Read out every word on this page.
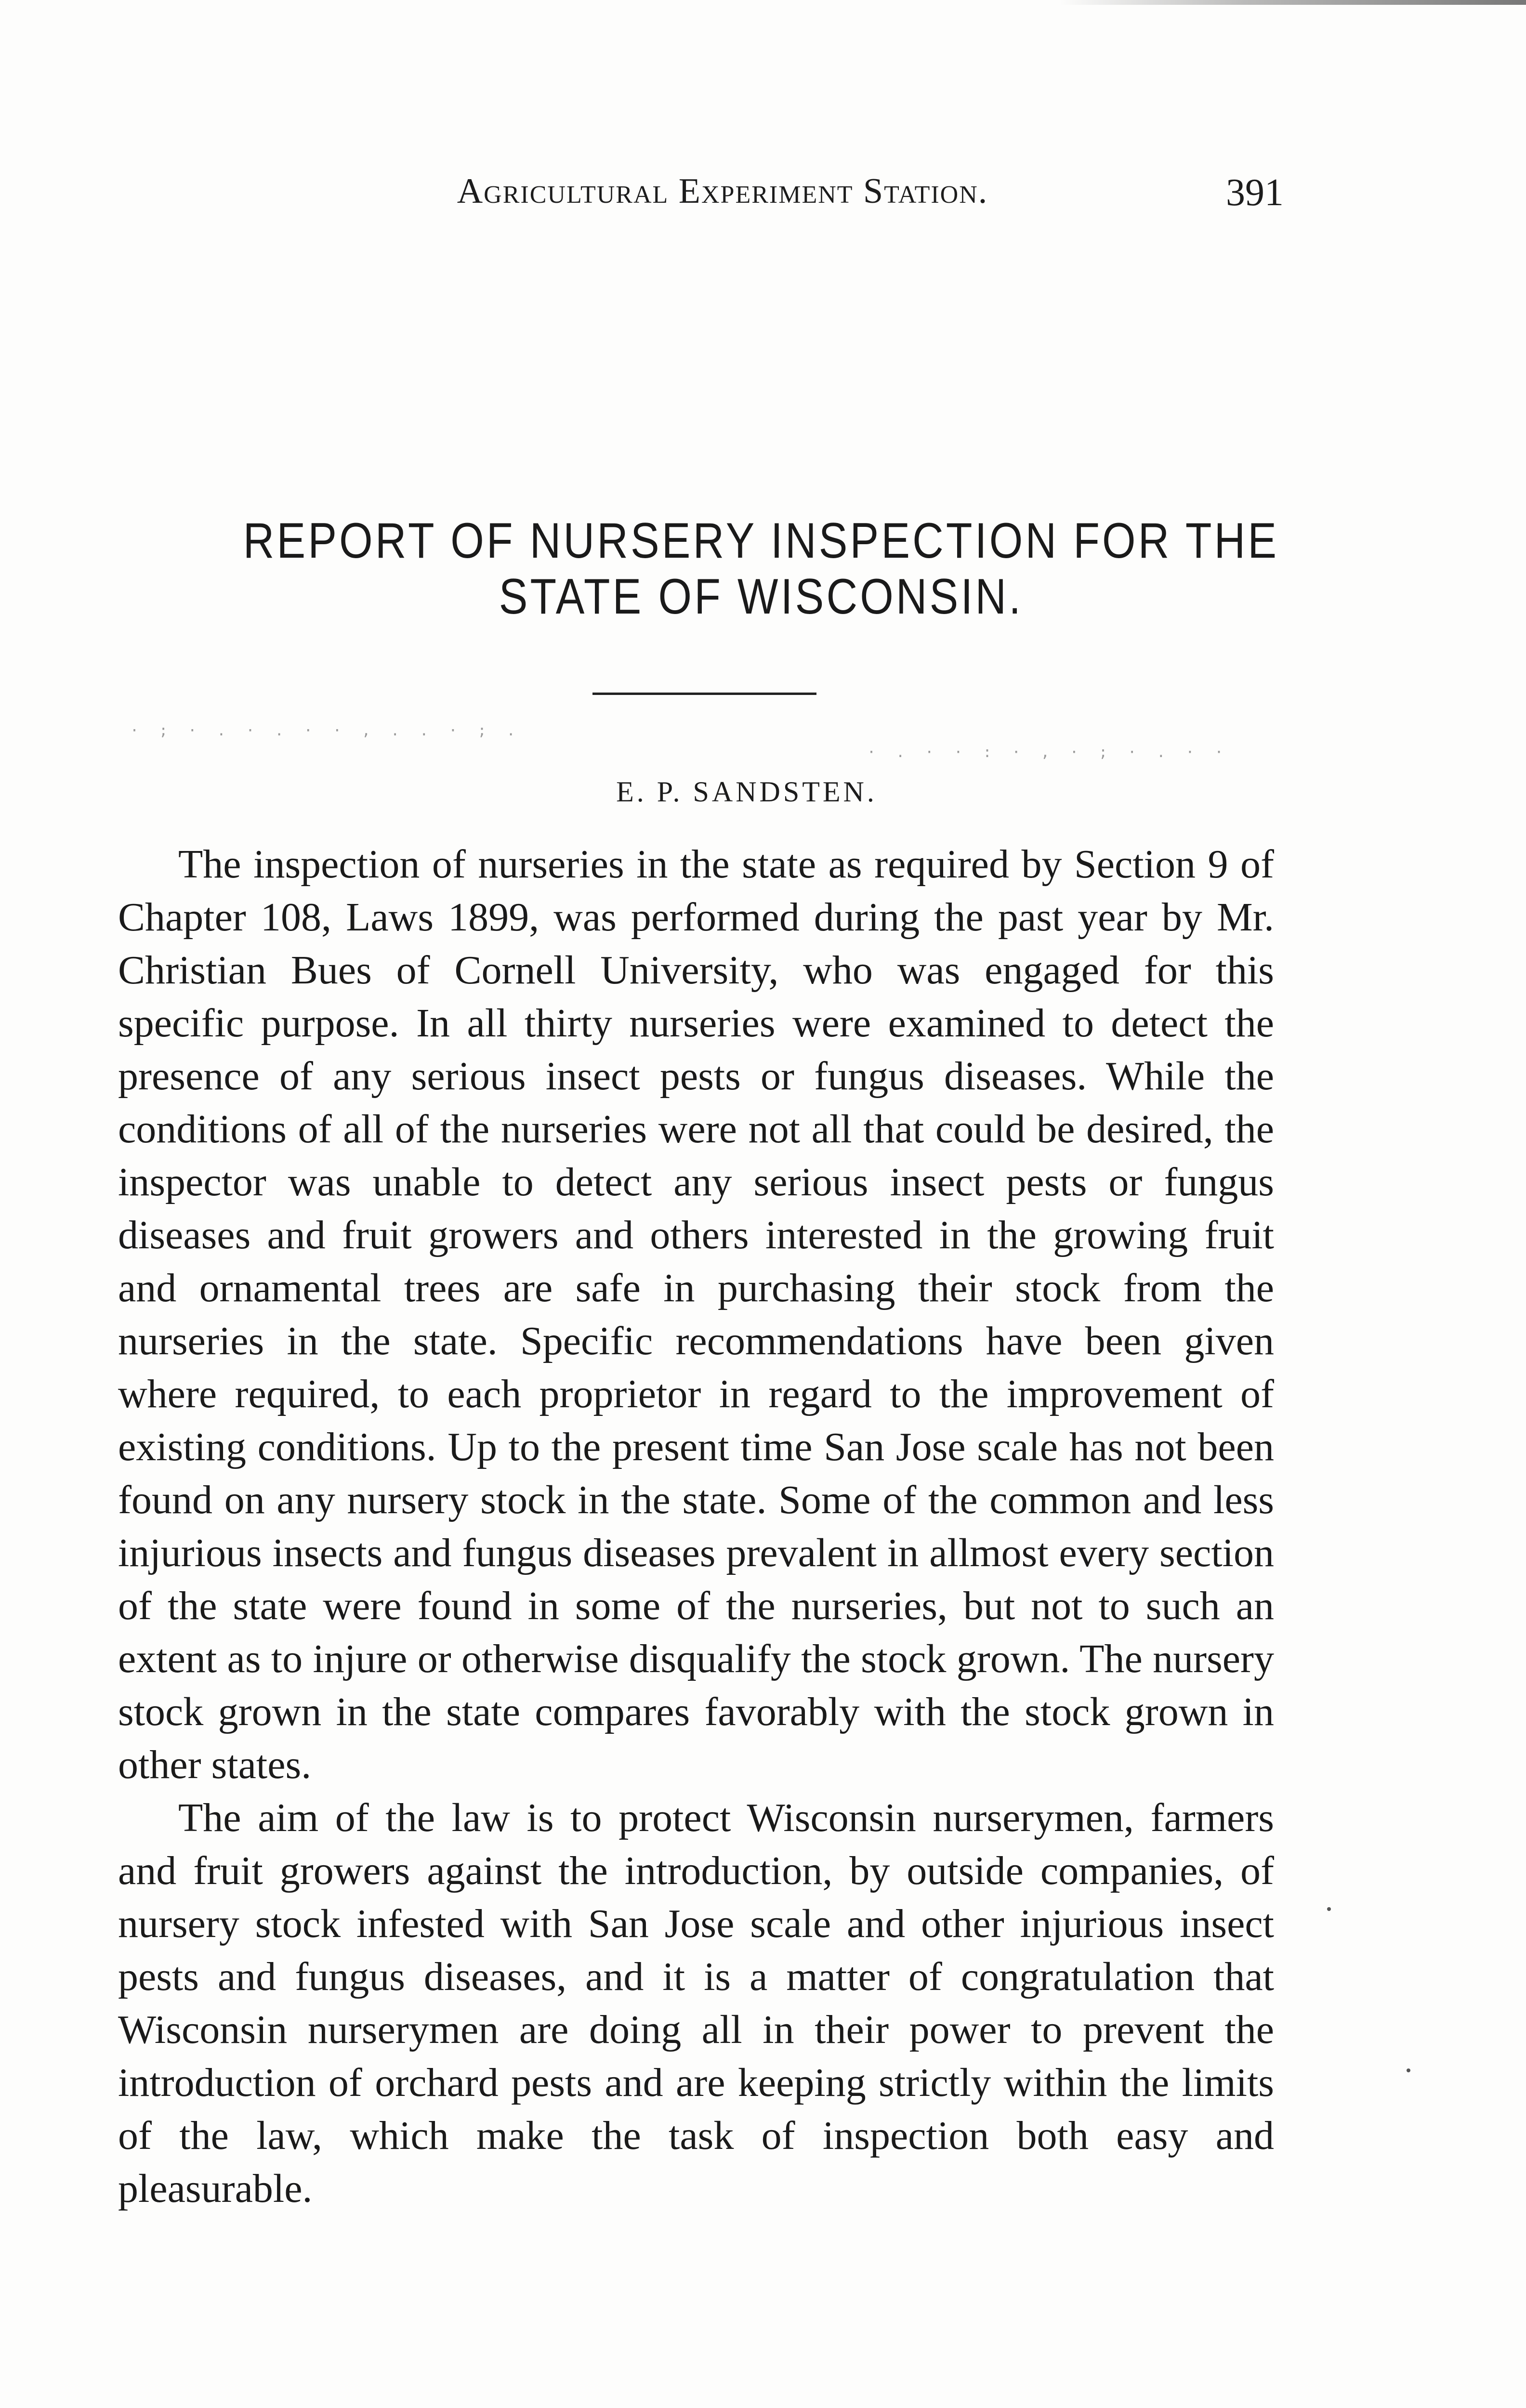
Agricultural Experiment Station.	391
REPORT OF NURSERY INSPECTION FOR THE STATE OF WISCONSIN.
· ; · . · . · · , . . · ; .
· . · · : · , · ; · . · ·
E. P. SANDSTEN.

The inspection of nurseries in the state as required by Section 9 of Chapter 108, Laws 1899, was performed during the past year by Mr. Christian Bues of Cornell University, who was engaged for this specific purpose. In all thirty nurseries were examined to detect the presence of any serious insect pests or fungus diseases. While the conditions of all of the nurseries were not all that could be desired, the inspector was unable to detect any serious insect pests or fungus diseases and fruit growers and others interested in the growing fruit and ornamental trees are safe in purchasing their stock from the nurseries in the state. Specific recommendations have been given where required, to each proprietor in regard to the improvement of existing conditions. Up to the present time San Jose scale has not been found on any nursery stock in the state. Some of the common and less injurious insects and fungus diseases prevalent in allmost every section of the state were found in some of the nurseries, but not to such an extent as to injure or otherwise disqualify the stock grown. The nursery stock grown in the state compares favorably with the stock grown in other states.

The aim of the law is to protect Wisconsin nurserymen, farmers and fruit growers against the introduction, by outside companies, of nursery stock infested with San Jose scale and other injurious insect pests and fungus diseases, and it is a matter of congratulation that Wisconsin nurserymen are doing all in their power to prevent the introduction of orchard pests and are keeping strictly within the limits of the law, which make the task of inspection both easy and pleasurable.
